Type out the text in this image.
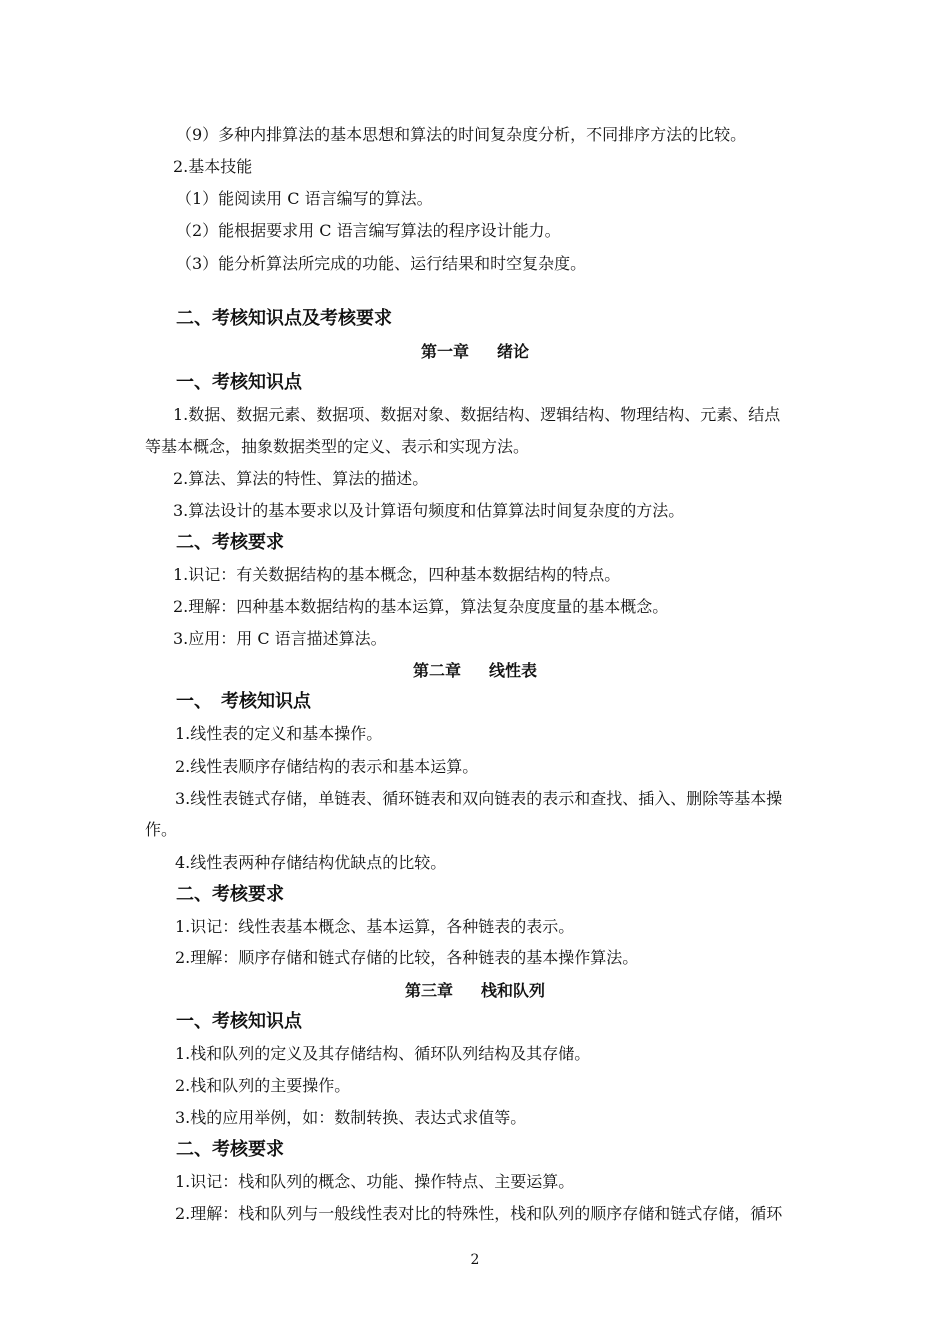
（9）多种内排算法的基本思想和算法的时间复杂度分析，不同排序方法的比较。
2.基本技能
（1）能阅读用 C 语言编写的算法。
（2）能根据要求用 C 语言编写算法的程序设计能力。
（3）能分析算法所完成的功能、运行结果和时空复杂度。
二、考核知识点及考核要求
第一章 绪论
一、考核知识点
1.数据、数据元素、数据项、数据对象、数据结构、逻辑结构、物理结构、元素、结点
等基本概念，抽象数据类型的定义、表示和实现方法。
2.算法、算法的特性、算法的描述。
3.算法设计的基本要求以及计算语句频度和估算算法时间复杂度的方法。
二、考核要求
1.识记：有关数据结构的基本概念，四种基本数据结构的特点。
2.理解：四种基本数据结构的基本运算，算法复杂度度量的基本概念。
3.应用：用 C 语言描述算法。
第二章 线性表
一、　考核知识点
1.线性表的定义和基本操作。
2.线性表顺序存储结构的表示和基本运算。
3.线性表链式存储，单链表、循环链表和双向链表的表示和查找、插入、删除等基本操
作。
4.线性表两种存储结构优缺点的比较。
二、考核要求
1.识记：线性表基本概念、基本运算，各种链表的表示。
2.理解：顺序存储和链式存储的比较，各种链表的基本操作算法。
第三章 栈和队列
一、考核知识点
1.栈和队列的定义及其存储结构、循环队列结构及其存储。
2.栈和队列的主要操作。
3.栈的应用举例，如：数制转换、表达式求值等。
二、考核要求
1.识记：栈和队列的概念、功能、操作特点、主要运算。
2.理解：栈和队列与一般线性表对比的特殊性，栈和队列的顺序存储和链式存储，循环
2
